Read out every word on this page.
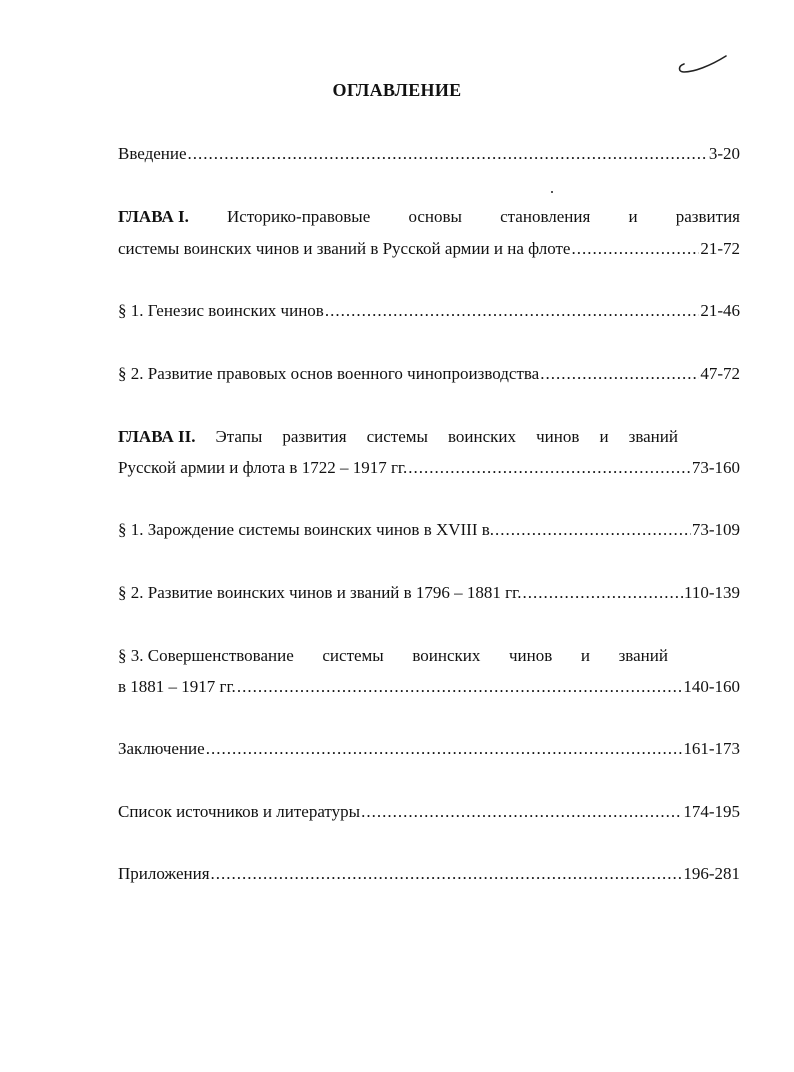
ОГЛАВЛЕНИЕ
Введение .....	3-20
ГЛАВА I. Историко-правовые основы становления и развития
системы воинских чинов и званий в Русской армии и на флоте .....	21-72
§ 1. Генезис воинских чинов .....	21-46
§ 2. Развитие правовых основ военного чинопроизводства .....	47-72
ГЛАВА II. Этапы развития системы воинских чинов и званий
Русской армии и флота в 1722 – 1917 гг. .....	73-160
§ 1. Зарождение системы воинских чинов в XVIII в. .....	73-109
§ 2. Развитие воинских чинов и званий в 1796 – 1881 гг. .....	110-139
§ 3. Совершенствование системы воинских чинов и званий
в 1881 – 1917 гг. .....	140-160
Заключение .....	161-173
Список источников и литературы .....	174-195
Приложения .....	196-281
